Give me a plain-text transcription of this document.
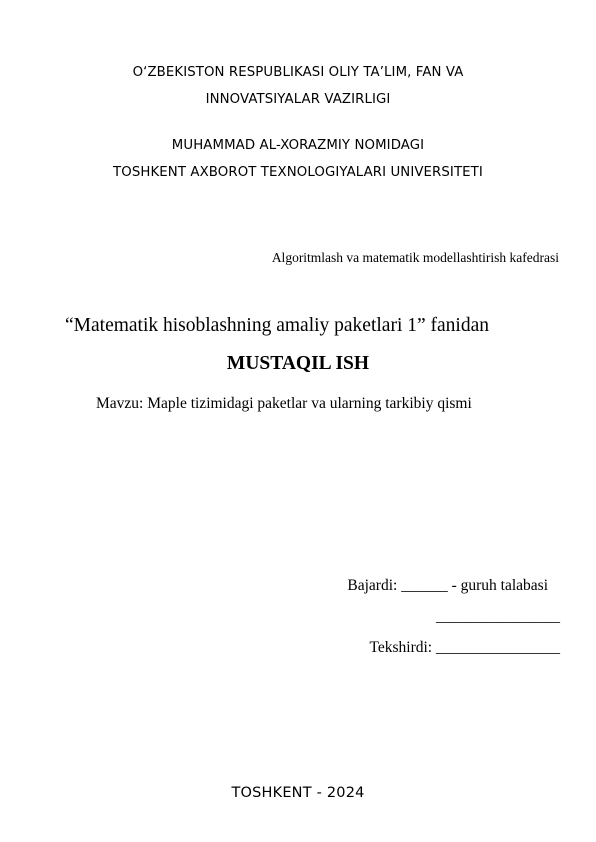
O‘ZBEKISTON RESPUBLIKASI OLIY TA’LIM, FAN VA
INNOVATSIYALAR VAZIRLIGI
MUHAMMAD AL-XORAZMIY NOMIDAGI
TOSHKENT AXBOROT TEXNOLOGIYALARI UNIVERSITETI
Algoritmlash va matematik modellashtirish kafedrasi
“Matematik hisoblashning amaliy paketlari 1” fanidan
MUSTAQIL ISH
Mavzu: Maple tizimidagi paketlar va ularning tarkibiy qismi
Bajardi: ______ - guruh talabasi
________________
Tekshirdi: ________________
TOSHKENT - 2024
